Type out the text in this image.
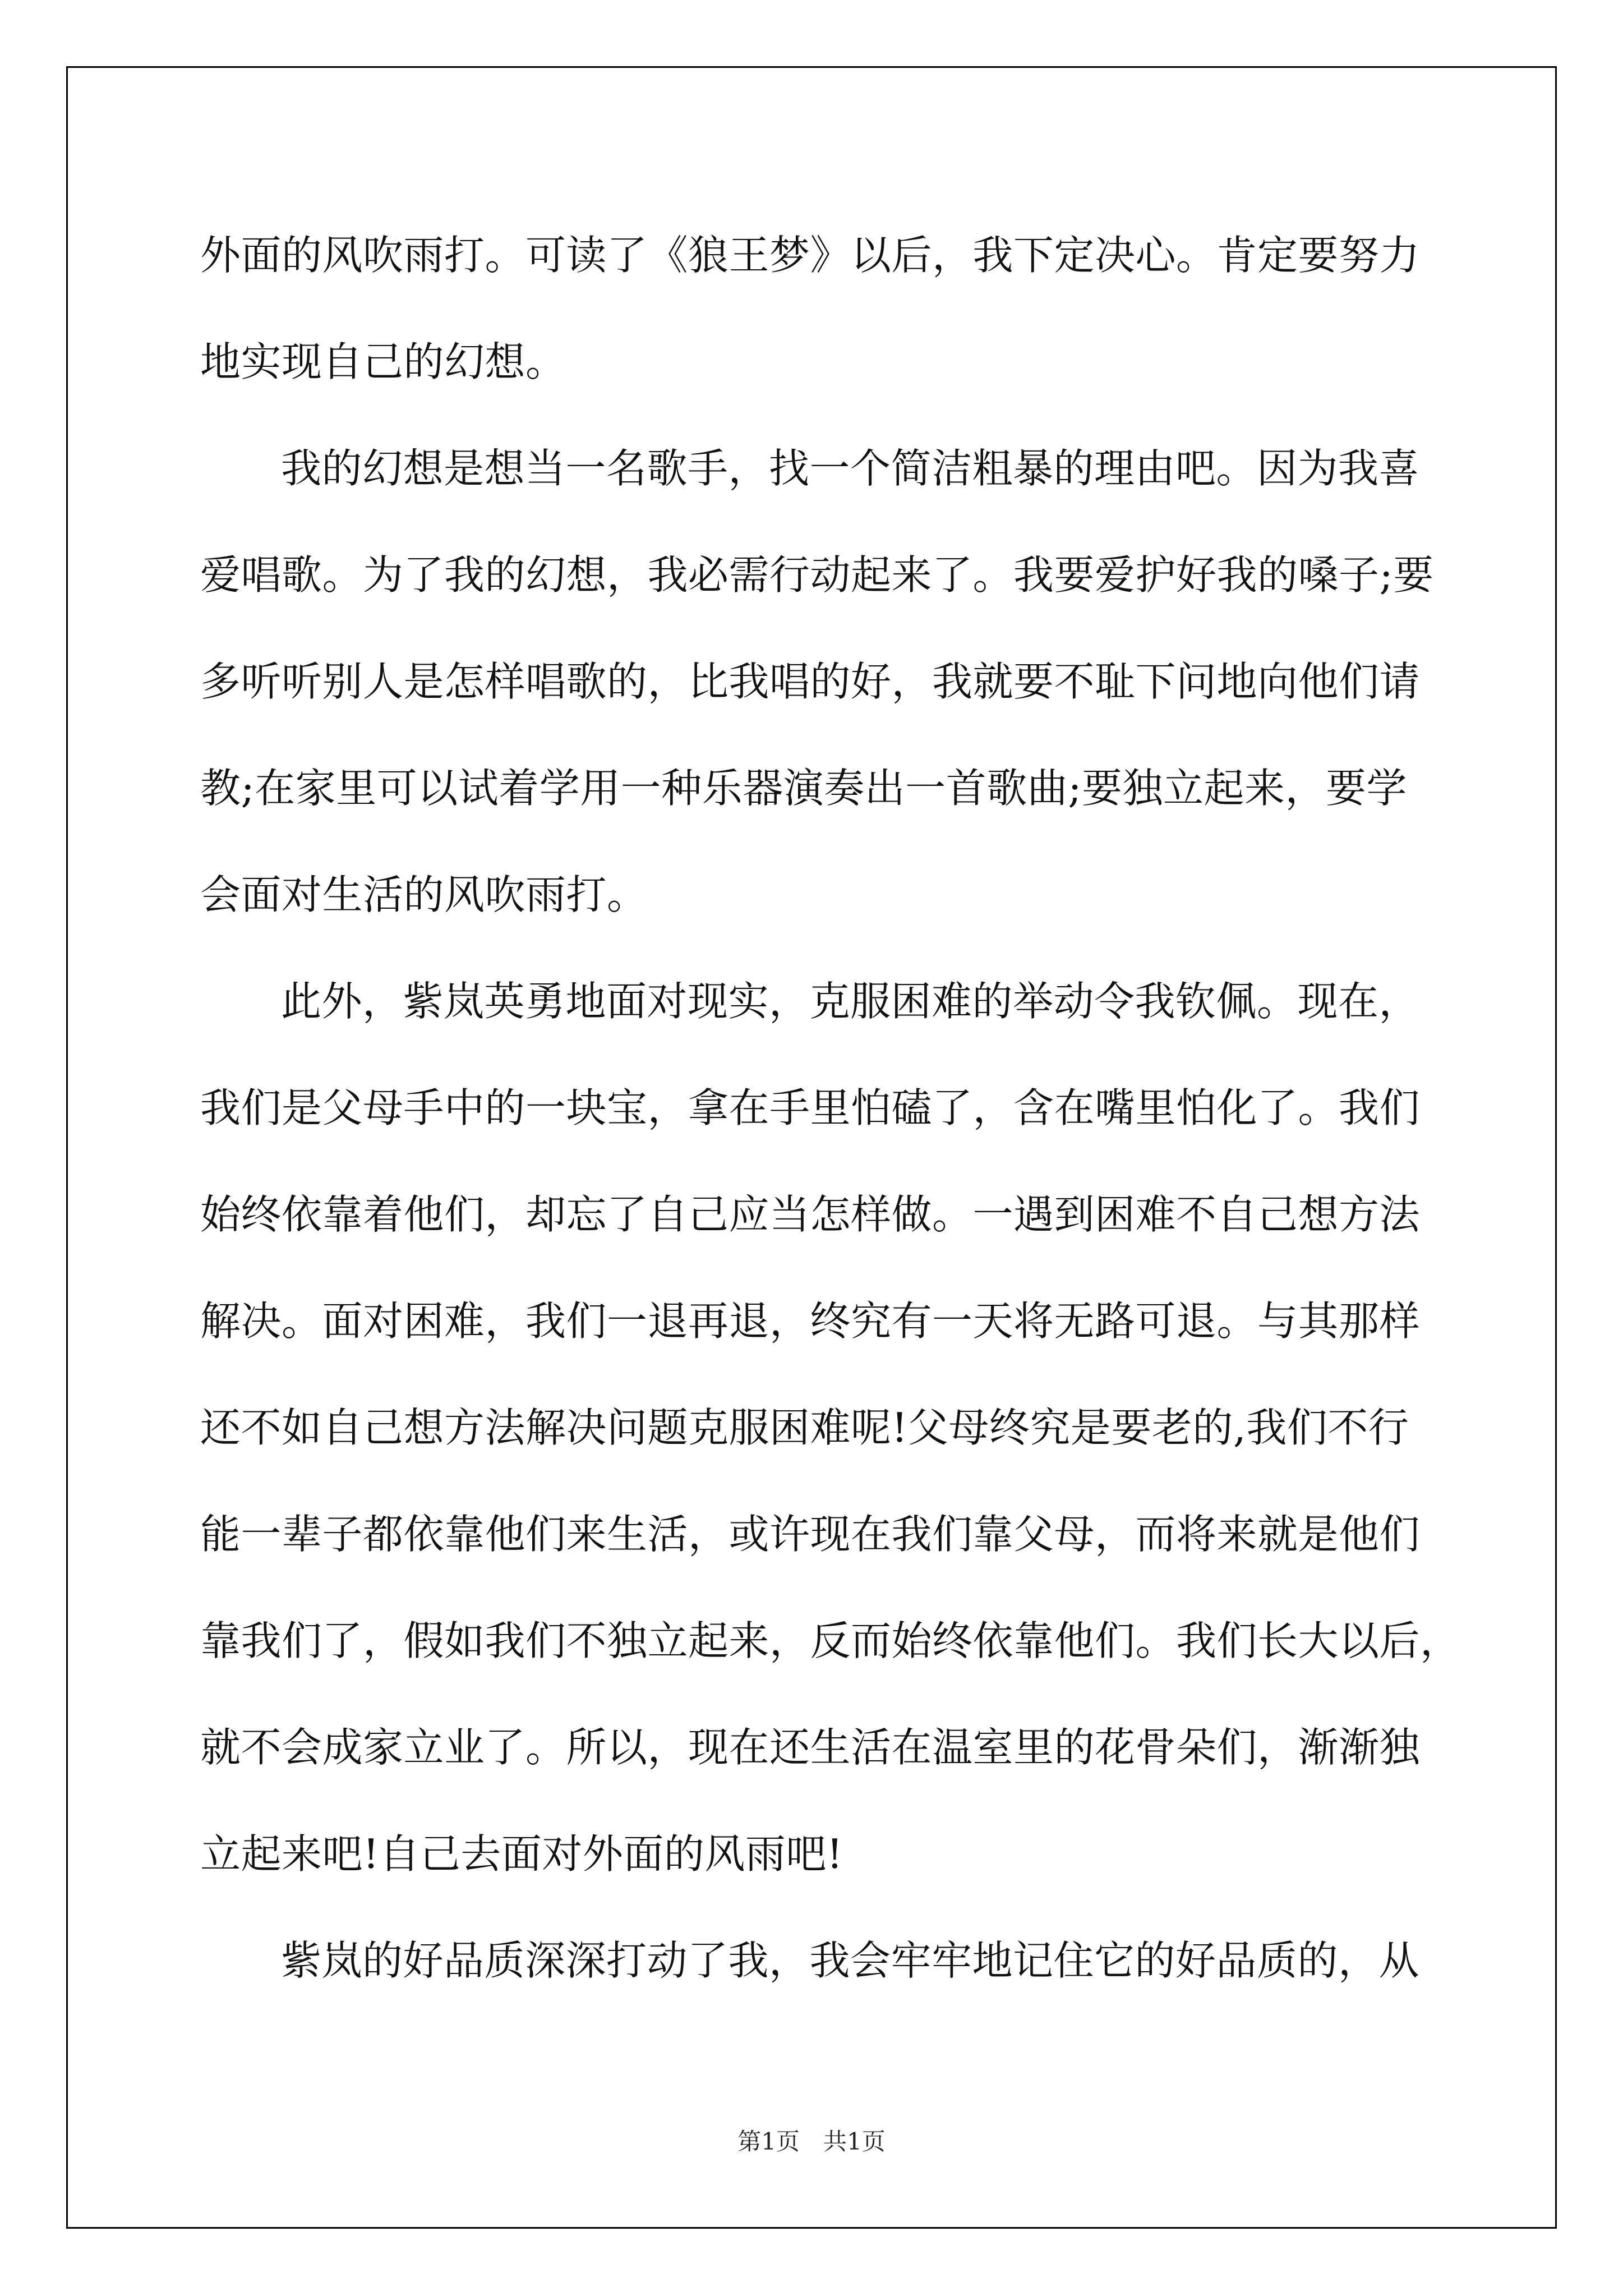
外面的风吹雨打。可读了《狼王梦》以后，我下定决心。肯定要努力
地实现自己的幻想。
我的幻想是想当一名歌手，找一个简洁粗暴的理由吧。因为我喜
爱唱歌。为了我的幻想，我必需行动起来了。我要爱护好我的嗓子;要
多听听别人是怎样唱歌的，比我唱的好，我就要不耻下问地向他们请
教;在家里可以试着学用一种乐器演奏出一首歌曲;要独立起来，要学
会面对生活的风吹雨打。
此外，紫岚英勇地面对现实，克服困难的举动令我钦佩。现在，
我们是父母手中的一块宝，拿在手里怕磕了，含在嘴里怕化了。我们
始终依靠着他们，却忘了自己应当怎样做。一遇到困难不自己想方法
解决。面对困难，我们一退再退，终究有一天将无路可退。与其那样
还不如自己想方法解决问题克服困难呢!父母终究是要老的,我们不行
能一辈子都依靠他们来生活，或许现在我们靠父母，而将来就是他们
靠我们了，假如我们不独立起来，反而始终依靠他们。我们长大以后，
就不会成家立业了。所以，现在还生活在温室里的花骨朵们，渐渐独
立起来吧!自己去面对外面的风雨吧!
紫岚的好品质深深打动了我，我会牢牢地记住它的好品质的，从
第1页　共1页
